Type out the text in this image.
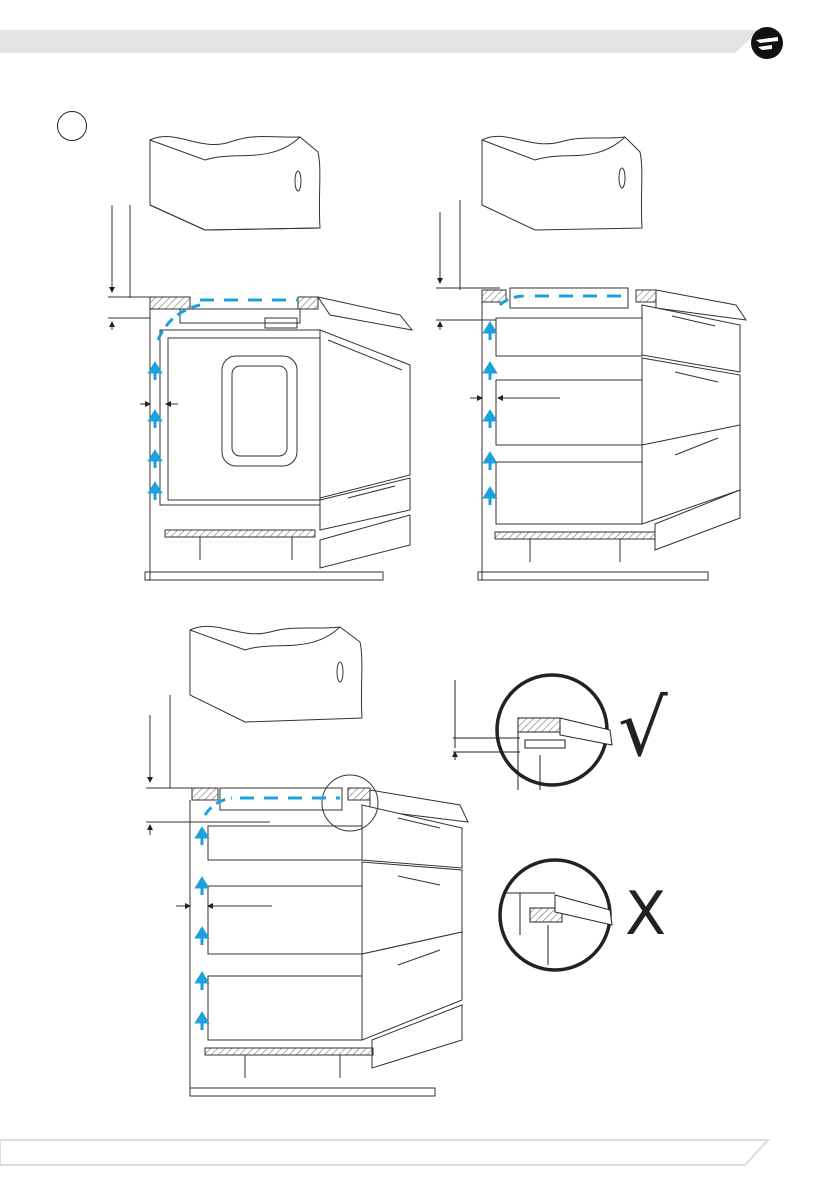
√
X
